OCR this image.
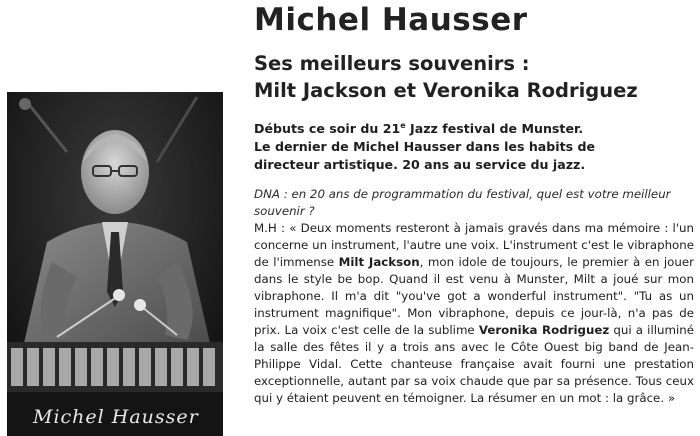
Michel Hausser
Ses meilleurs souvenirs :
Milt Jackson et Veronika Rodriguez
Débuts ce soir du 21e Jazz festival de Munster.
Le dernier de Michel Hausser dans les habits de
directeur artistique. 20 ans au service du jazz.
DNA : en 20 ans de programmation du festival, quel est votre meilleur souvenir ?

M.H : « Deux moments resteront à jamais gravés dans ma mémoire : l'un concerne un instrument, l'autre une voix. L'instrument c'est le vibraphone de l'immense Milt Jackson, mon idole de toujours, le premier à en jouer dans le style be bop. Quand il est venu à Munster, Milt a joué sur mon vibraphone. Il m'a dit "you've got a wonderful instrument". "Tu as un instrument magnifique". Mon vibraphone, depuis ce jour-là, n'a pas de prix. La voix c'est celle de la sublime Veronika Rodriguez qui a illuminé la salle des fêtes il y a trois ans avec le Côte Ouest big band de Jean-Philippe Vidal. Cette chanteuse française avait fourni une prestation exceptionnelle, autant par sa voix chaude que par sa présence. Tous ceux qui y étaient peuvent en témoigner. La résumer en un mot : la grâce. »

Michel Hausser
